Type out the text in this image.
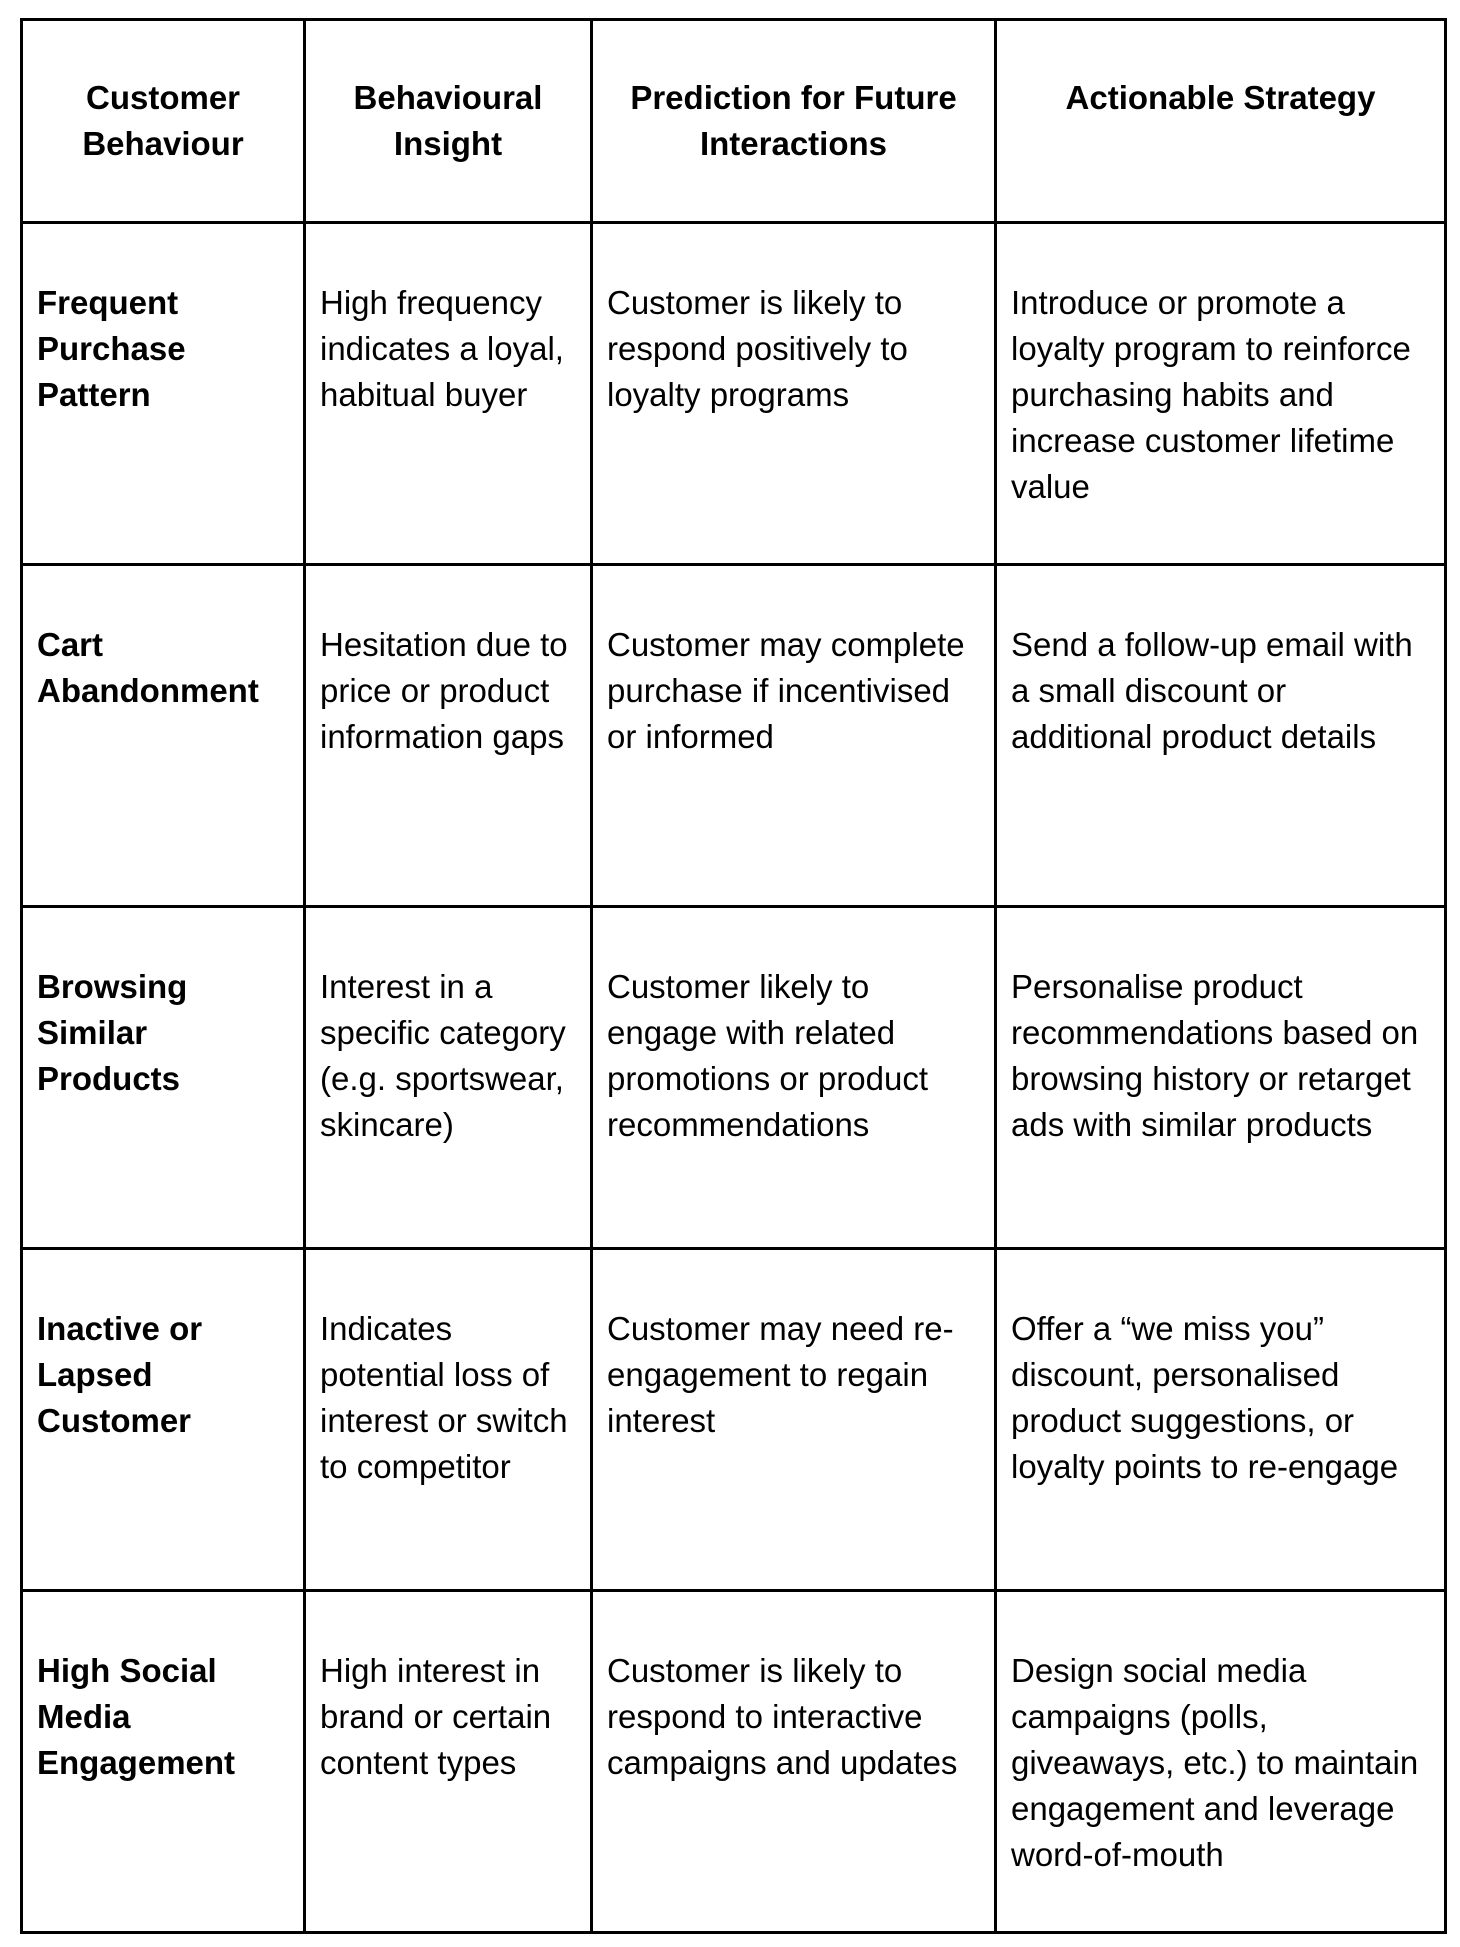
Customer Behaviour	Behavioural Insight	Prediction for Future Interactions	Actionable Strategy
Frequent Purchase Pattern	High frequency indicates a loyal, habitual buyer	Customer is likely to respond positively to loyalty programs	Introduce or promote a loyalty program to reinforce purchasing habits and increase customer lifetime value
Cart Abandonment	Hesitation due to price or product information gaps	Customer may complete purchase if incentivised or informed	Send a follow-up email with a small discount or additional product details
Browsing Similar Products	Interest in a specific category (e.g. sportswear, skincare)	Customer likely to engage with related promotions or product recommendations	Personalise product recommendations based on browsing history or retarget ads with similar products
Inactive or Lapsed Customer	Indicates potential loss of interest or switch to competitor	Customer may need re-engagement to regain interest	Offer a “we miss you” discount, personalised product suggestions, or loyalty points to re-engage
High Social Media Engagement	High interest in brand or certain content types	Customer is likely to respond to interactive campaigns and updates	Design social media campaigns (polls, giveaways, etc.) to maintain engagement and leverage word-of-mouth
